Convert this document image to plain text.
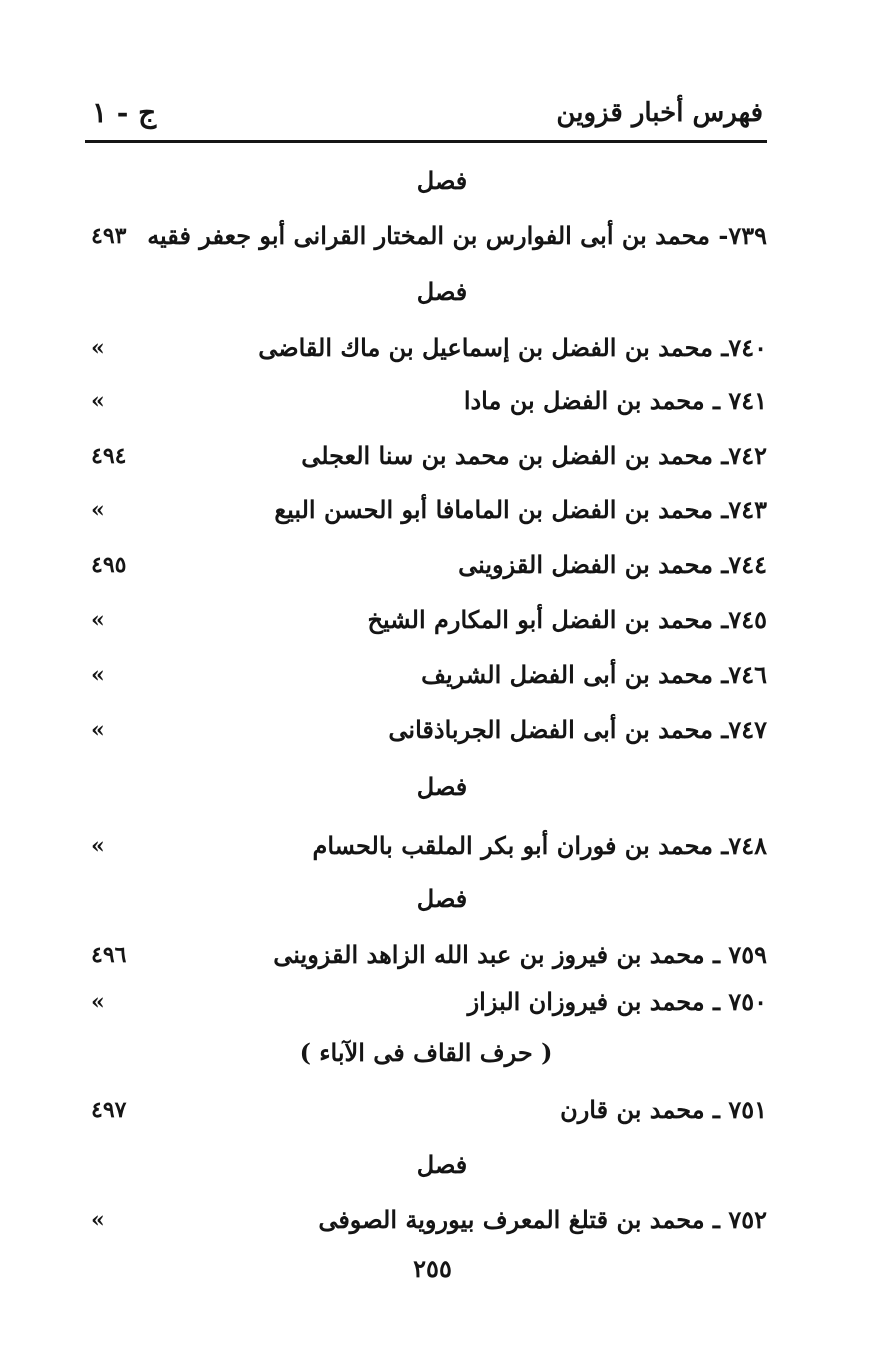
فهرس أخبار قزوين
ج - ١
فصل
٧٣٩- محمد بن أبى الفوارس بن المختار القرانى أبو جعفر فقيه
٤٩٣
فصل
٧٤٠ـ محمد بن الفضل بن إسماعيل بن ماك القاضى
»
٧٤١ ـ محمد بن الفضل بن مادا
»
٧٤٢ـ محمد بن الفضل بن محمد بن سنا العجلى
٤٩٤
٧٤٣ـ محمد بن الفضل بن المامافا أبو الحسن البيع
»
٧٤٤ـ محمد بن الفضل القزوينى
٤٩٥
٧٤٥ـ محمد بن الفضل أبو المكارم الشيخ
»
٧٤٦ـ محمد بن أبى الفضل الشريف
»
٧٤٧ـ محمد بن أبى الفضل الجرباذقانى
»
فصل
٧٤٨ـ محمد بن فوران أبو بكر الملقب بالحسام
»
فصل
٧٥٩ ـ محمد بن فيروز بن عبد الله الزاهد القزوينى
٤٩٦
٧٥٠ ـ محمد بن فيروزان البزاز
»
( حرف القاف فى الآباء )
٧٥١ ـ محمد بن قارن
٤٩٧
فصل
٧٥٢ ـ محمد بن قتلغ المعرف بيوروية الصوفى
»
٢٥٥
